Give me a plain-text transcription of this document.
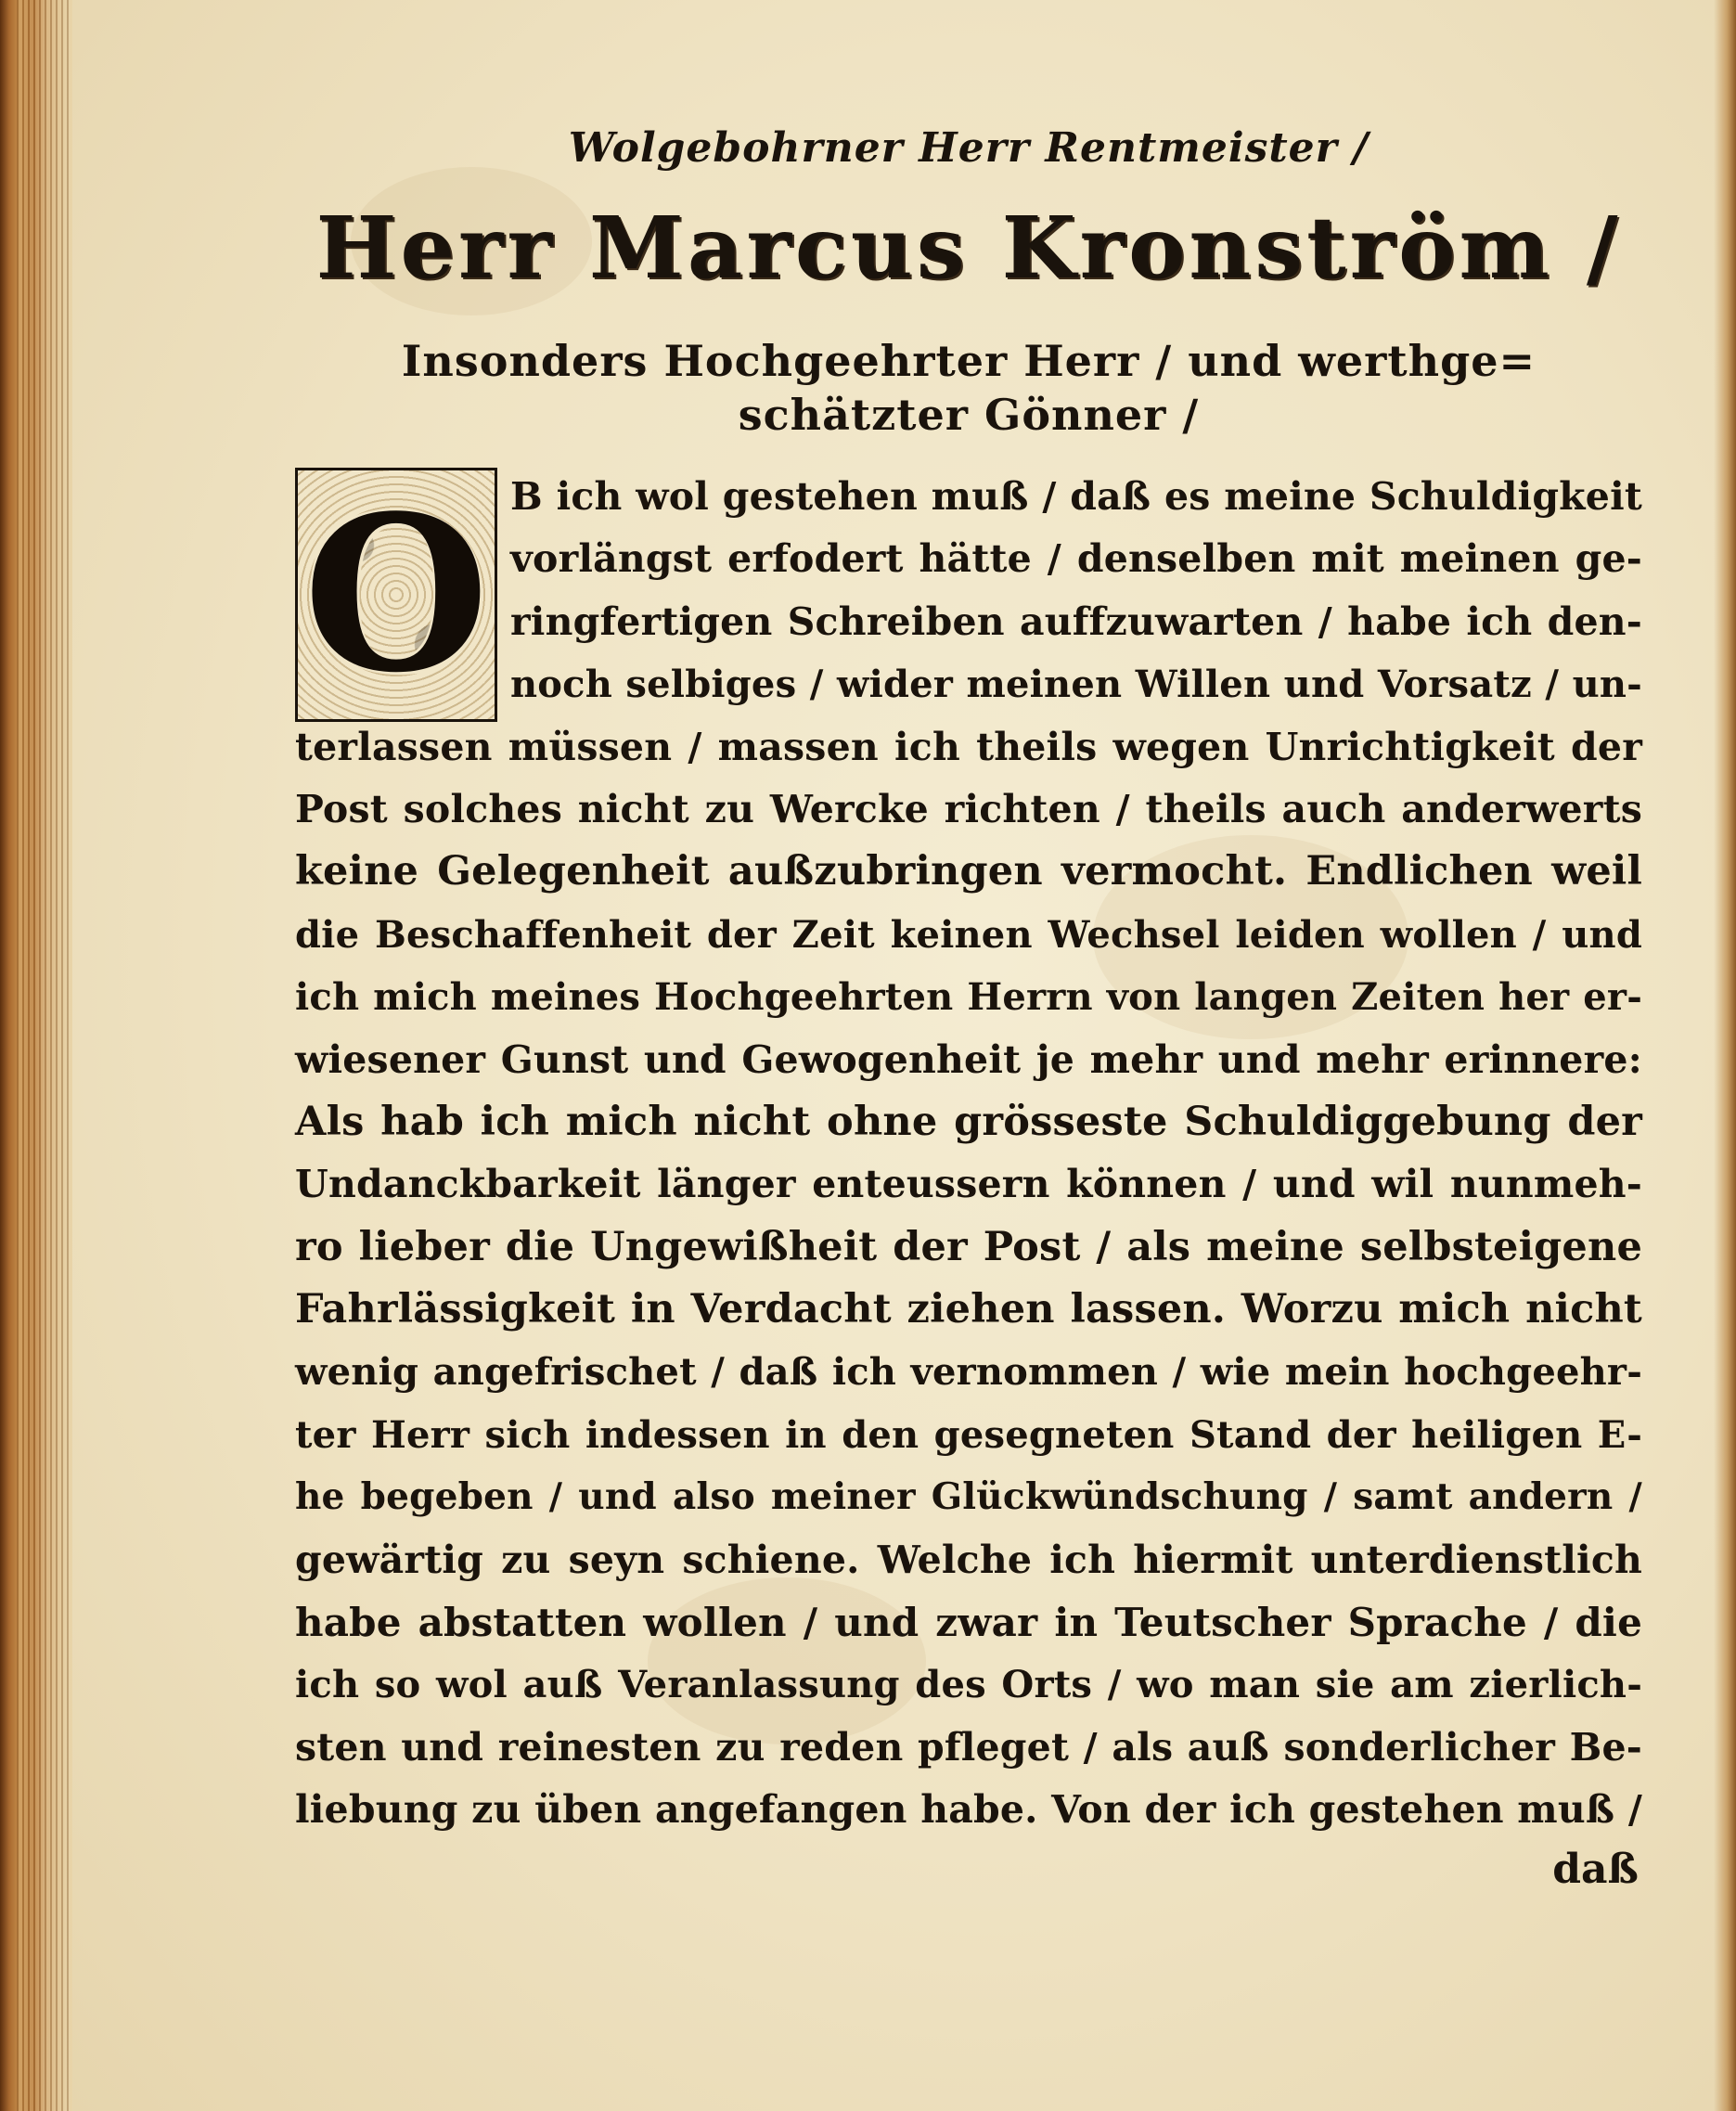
Wolgebohrner Herr Rentmeister /
Herr Marcus Kronström /
Insonders Hochgeehrter Herr / und werthge=
schätzter Gönner /
O B ich wol gestehen muß / daß es meine Schuldigkeit
vorlängst erfodert hätte / denselben mit meinen ge-
ringfertigen Schreiben auffzuwarten / habe ich den-
noch selbiges / wider meinen Willen und Vorsatz / un-
terlassen müssen / massen ich theils wegen Unrichtigkeit der
Post solches nicht zu Wercke richten / theils auch anderwerts
keine Gelegenheit außzubringen vermocht. Endlichen weil
die Beschaffenheit der Zeit keinen Wechsel leiden wollen / und
ich mich meines Hochgeehrten Herrn von langen Zeiten her er-
wiesener Gunst und Gewogenheit je mehr und mehr erinnere:
Als hab ich mich nicht ohne grösseste Schuldiggebung der
Undanckbarkeit länger enteussern können / und wil nunmeh-
ro lieber die Ungewißheit der Post / als meine selbsteigene
Fahrlässigkeit in Verdacht ziehen lassen. Worzu mich nicht
wenig angefrischet / daß ich vernommen / wie mein hochgeehr-
ter Herr sich indessen in den gesegneten Stand der heiligen E-
he begeben / und also meiner Glückwündschung / samt andern /
gewärtig zu seyn schiene. Welche ich hiermit unterdienstlich
habe abstatten wollen / und zwar in Teutscher Sprache / die
ich so wol auß Veranlassung des Orts / wo man sie am zierlich-
sten und reinesten zu reden pfleget / als auß sonderlicher Be-
liebung zu üben angefangen habe. Von der ich gestehen muß /
daß
